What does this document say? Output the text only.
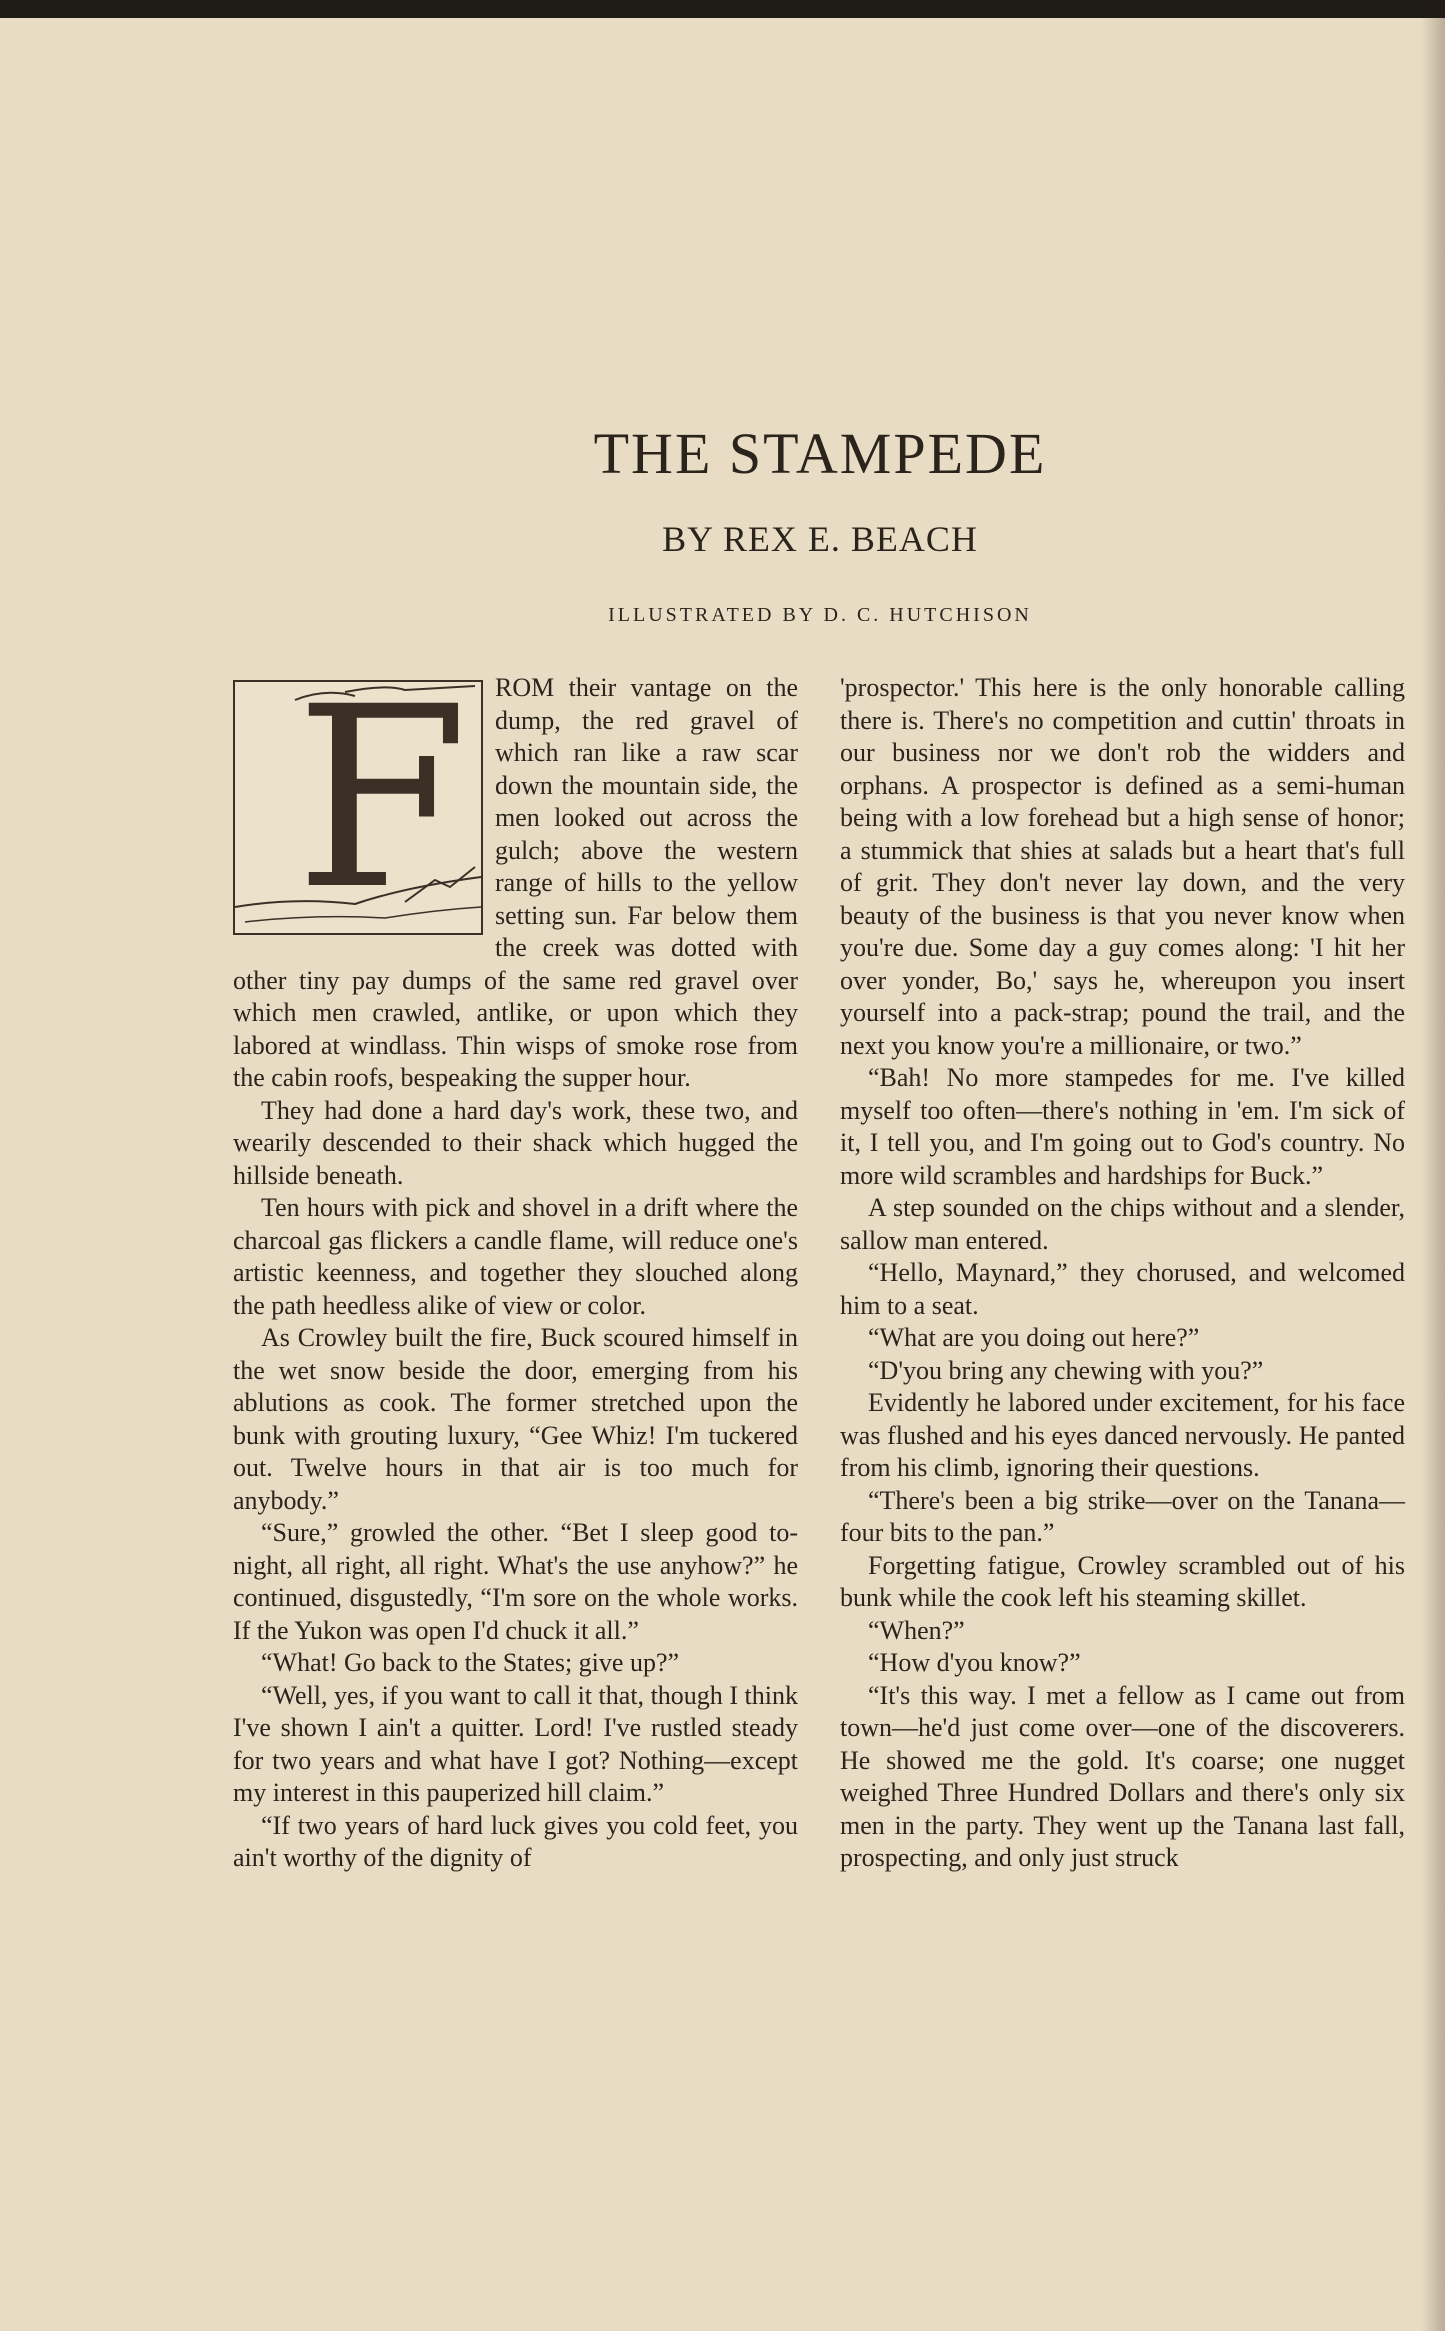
THE STAMPEDE
BY REX E. BEACH
ILLUSTRATED BY D. C. HUTCHISON
F	ROM their vantage on the dump, the red gravel of which ran like a raw scar down the mountain side, the men looked out across the gulch; above the western range of hills to the yellow setting sun. Far below them the creek was dotted with other tiny pay dumps of the same red gravel over which men crawled, antlike, or upon which they labored at windlass. Thin wisps of smoke rose from the cabin roofs, bespeaking the supper hour.

They had done a hard day's work, these two, and wearily descended to their shack which hugged the hillside beneath.

Ten hours with pick and shovel in a drift where the charcoal gas flickers a candle flame, will reduce one's artistic keenness, and together they slouched along the path heedless alike of view or color.

As Crowley built the fire, Buck scoured himself in the wet snow beside the door, emerging from his ablutions as cook. The former stretched upon the bunk with grouting luxury, “Gee Whiz! I'm tuckered out. Twelve hours in that air is too much for anybody.”

“Sure,” growled the other. “Bet I sleep good to-night, all right, all right. What's the use anyhow?” he continued, disgustedly, “I'm sore on the whole works. If the Yukon was open I'd chuck it all.”

“What! Go back to the States; give up?”

“Well, yes, if you want to call it that, though I think I've shown I ain't a quitter. Lord! I've rustled steady for two years and what have I got? Nothing—except my interest in this pauperized hill claim.”

“If two years of hard luck gives you cold feet, you ain't worthy of the dignity of

'prospector.' This here is the only honorable calling there is. There's no competition and cuttin' throats in our business nor we don't rob the widders and orphans. A prospector is defined as a semi-human being with a low forehead but a high sense of honor; a stummick that shies at salads but a heart that's full of grit. They don't never lay down, and the very beauty of the business is that you never know when you're due. Some day a guy comes along: 'I hit her over yonder, Bo,' says he, whereupon you insert yourself into a pack-strap; pound the trail, and the next you know you're a millionaire, or two.”

“Bah! No more stampedes for me. I've killed myself too often—there's nothing in 'em. I'm sick of it, I tell you, and I'm going out to God's country. No more wild scrambles and hardships for Buck.”

A step sounded on the chips without and a slender, sallow man entered.

“Hello, Maynard,” they chorused, and welcomed him to a seat.

“What are you doing out here?”

“D'you bring any chewing with you?”

Evidently he labored under excitement, for his face was flushed and his eyes danced nervously. He panted from his climb, ignoring their questions.

“There's been a big strike—over on the Tanana—four bits to the pan.”

Forgetting fatigue, Crowley scrambled out of his bunk while the cook left his steaming skillet.

“When?”

“How d'you know?”

“It's this way. I met a fellow as I came out from town—he'd just come over—one of the discoverers. He showed me the gold. It's coarse; one nugget weighed Three Hundred Dollars and there's only six men in the party. They went up the Tanana last fall, prospecting, and only just struck
